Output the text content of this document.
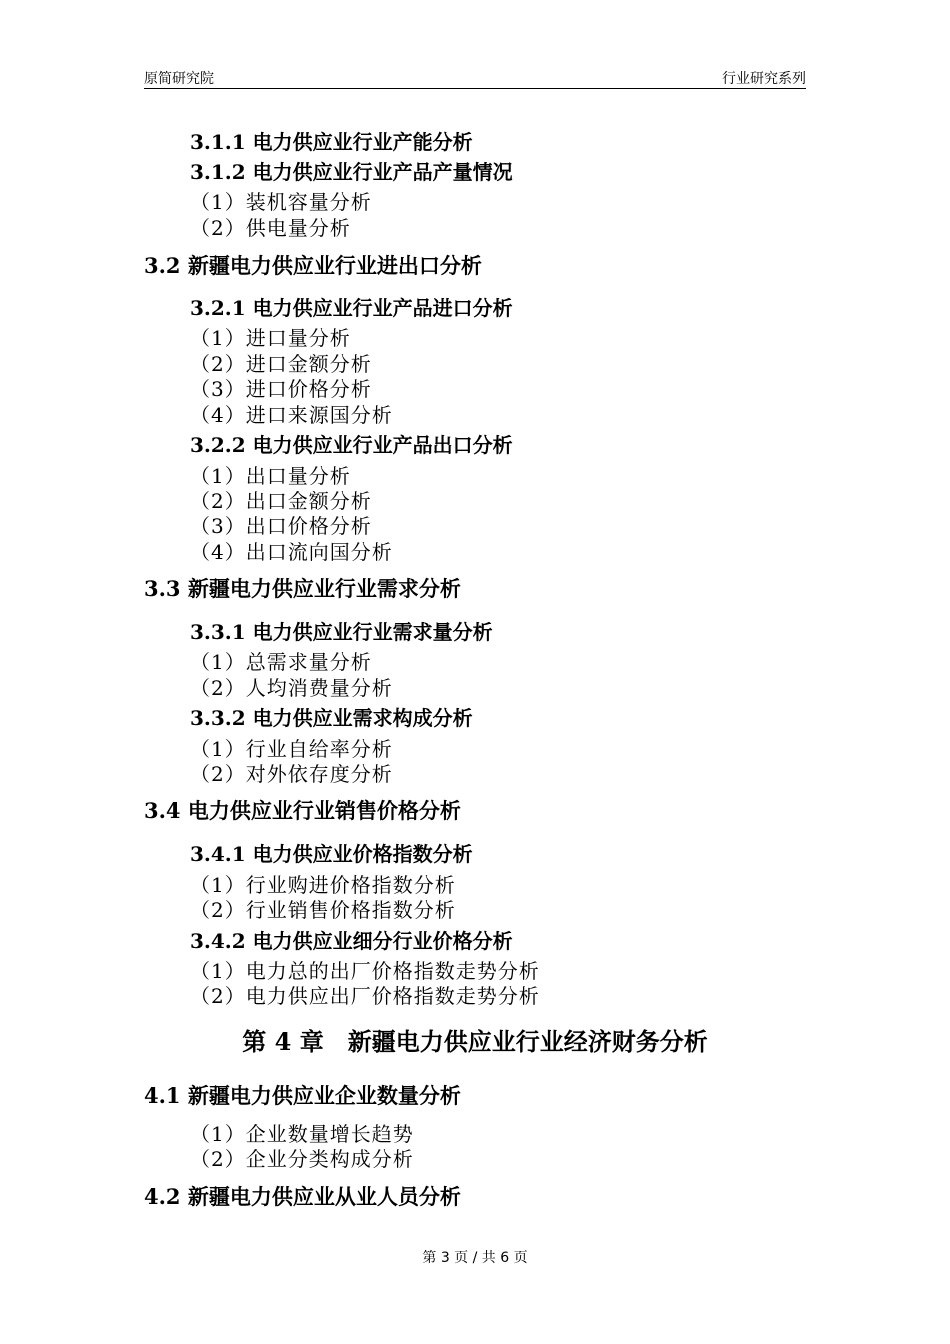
原简研究院	行业研究系列
3.1.1 电力供应业行业产能分析
3.1.2 电力供应业行业产品产量情况
（1）装机容量分析
（2）供电量分析
3.2 新疆电力供应业行业进出口分析
3.2.1 电力供应业行业产品进口分析
（1）进口量分析
（2）进口金额分析
（3）进口价格分析
（4）进口来源国分析
3.2.2 电力供应业行业产品出口分析
（1）出口量分析
（2）出口金额分析
（3）出口价格分析
（4）出口流向国分析
3.3 新疆电力供应业行业需求分析
3.3.1 电力供应业行业需求量分析
（1）总需求量分析
（2）人均消费量分析
3.3.2 电力供应业需求构成分析
（1）行业自给率分析
（2）对外依存度分析
3.4 电力供应业行业销售价格分析
3.4.1 电力供应业价格指数分析
（1）行业购进价格指数分析
（2）行业销售价格指数分析
3.4.2 电力供应业细分行业价格分析
（1）电力总的出厂价格指数走势分析
（2）电力供应出厂价格指数走势分析
第 4 章　新疆电力供应业行业经济财务分析
4.1 新疆电力供应业企业数量分析
（1）企业数量增长趋势
（2）企业分类构成分析
4.2 新疆电力供应业从业人员分析
第 3 页 / 共 6 页
